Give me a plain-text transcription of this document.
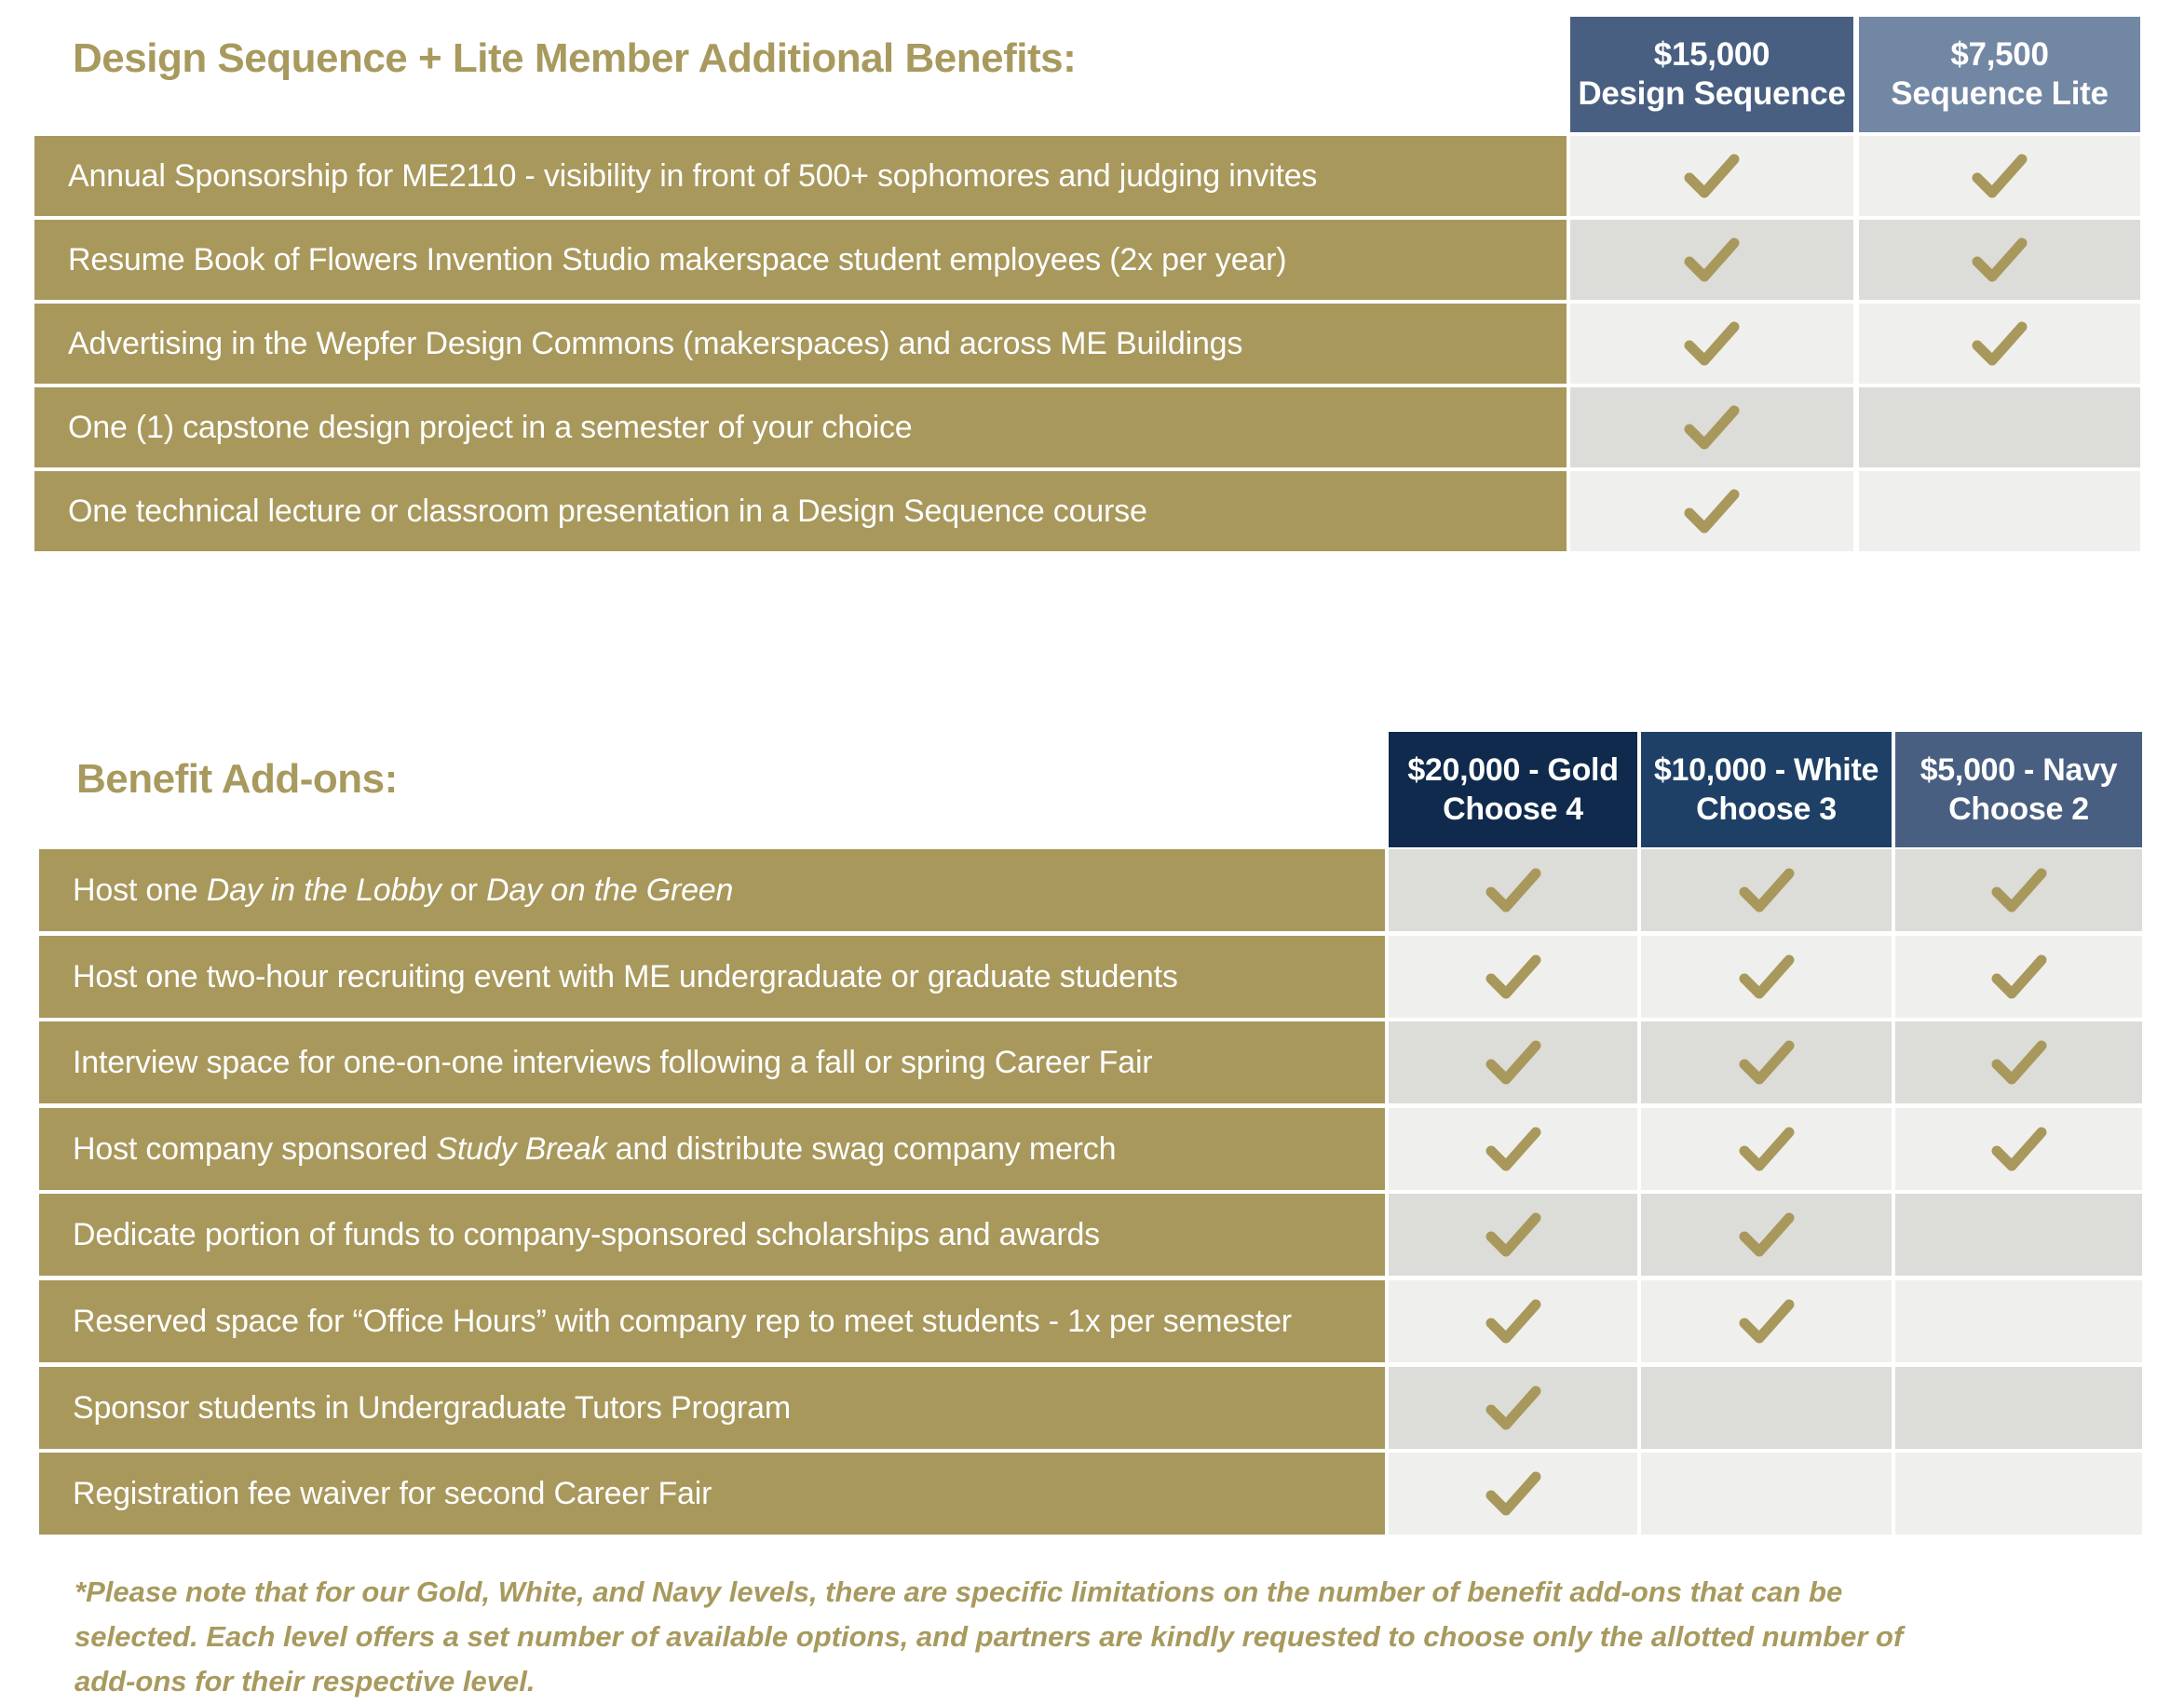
Design Sequence + Lite Member Additional Benefits:	$15,000
Design Sequence
$7,500
Sequence Lite
Annual Sponsorship for ME2110 - visibility in front of 500+ sophomores and judging invites
Resume Book of Flowers Invention Studio makerspace student employees (2x per year)
Advertising in the Wepfer Design Commons (makerspaces) and across ME Buildings
One (1) capstone design project in a semester of your choice
One technical lecture or classroom presentation in a Design Sequence course
Benefit Add-ons:	$20,000 - Gold
Choose 4
$10,000 - White
Choose 3
$5,000 - Navy
Choose 2
Host one Day in the Lobby or Day on the Green
Host one two-hour recruiting event with ME undergraduate or graduate students
Interview space for one-on-one interviews following a fall or spring Career Fair
Host company sponsored Study Break and distribute swag company merch
Dedicate portion of funds to company-sponsored scholarships and awards
Reserved space for “Office Hours” with company rep to meet students - 1x per semester
Sponsor students in Undergraduate Tutors Program
Registration fee waiver for second Career Fair
*Please note that for our Gold, White, and Navy levels, there are specific limitations on the number of benefit add-ons that can be selected. Each level offers a set number of available options, and partners are kindly requested to choose only the allotted number of add-ons for their respective level.
